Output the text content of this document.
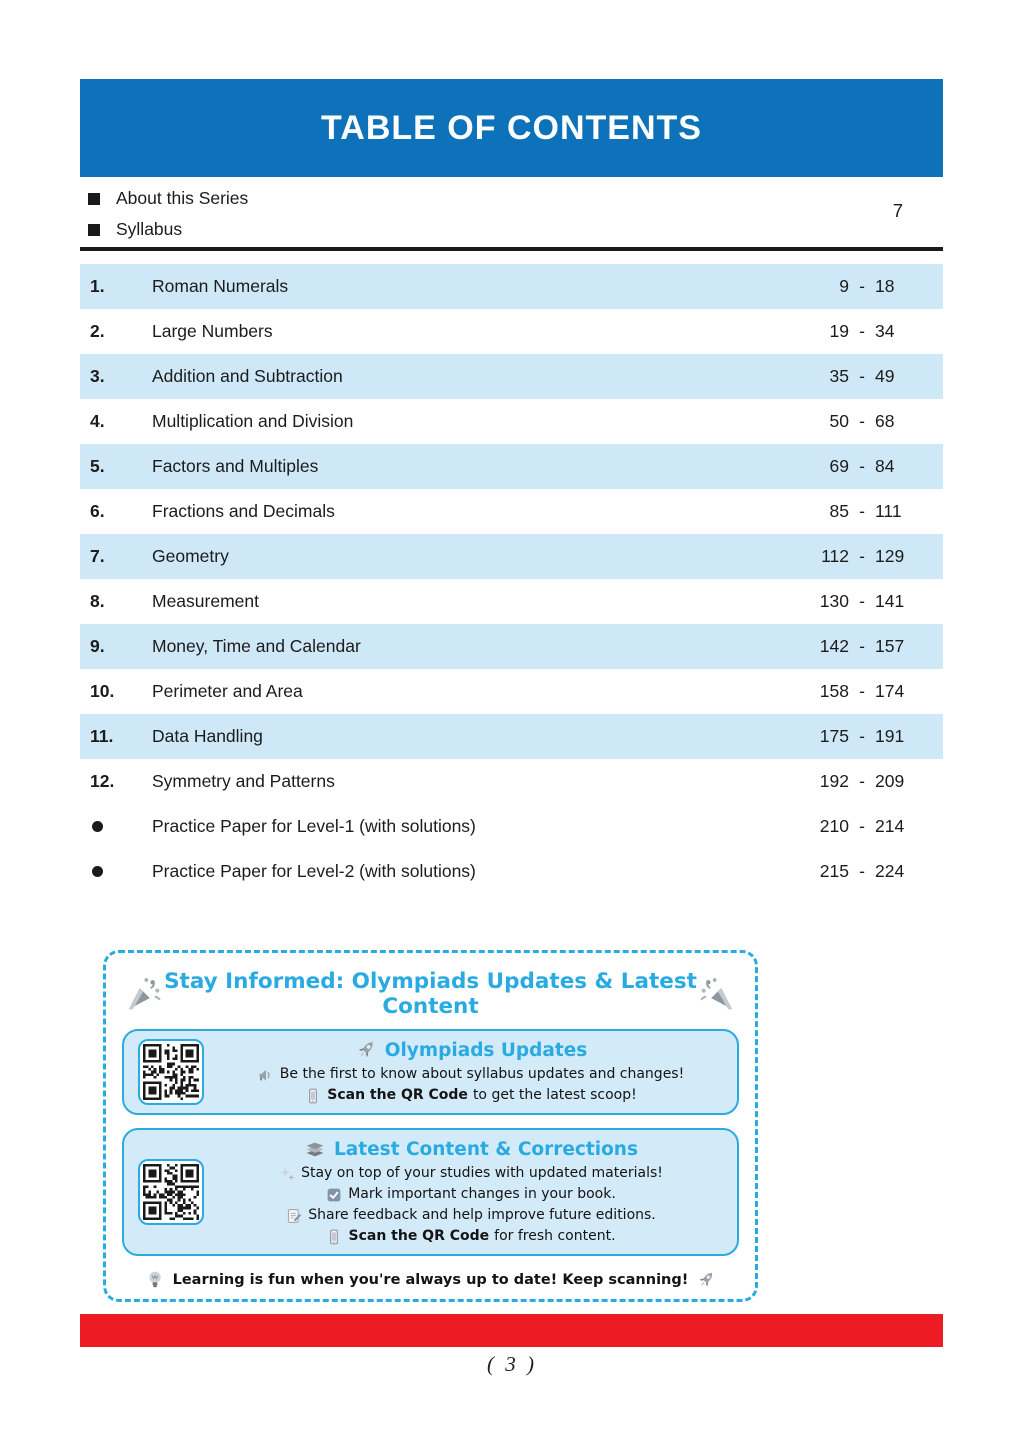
TABLE OF CONTENTS
About this Series
Syllabus
7
1.	Roman Numerals	9 - 18
2.	Large Numbers	19 - 34
3.	Addition and Subtraction	35 - 49
4.	Multiplication and Division	50 - 68
5.	Factors and Multiples	69 - 84
6.	Fractions and Decimals	85 - 111
7.	Geometry	112 - 129
8.	Measurement	130 - 141
9.	Money, Time and Calendar	142 - 157
10.	Perimeter and Area	158 - 174
11.	Data Handling	175 - 191
12.	Symmetry and Patterns	192 - 209
Practice Paper for Level-1 (with solutions)	210 - 214
Practice Paper for Level-2 (with solutions)	215 - 224
Stay Informed: Olympiads Updates & Latest Content
Olympiads Updates
Be the first to know about syllabus updates and changes!
Scan the QR Code to get the latest scoop!
Latest Content & Corrections
Stay on top of your studies with updated materials!
Mark important changes in your book.
Share feedback and help improve future editions.
Scan the QR Code for fresh content.
Learning is fun when you're always up to date! Keep scanning!
( 3 )
